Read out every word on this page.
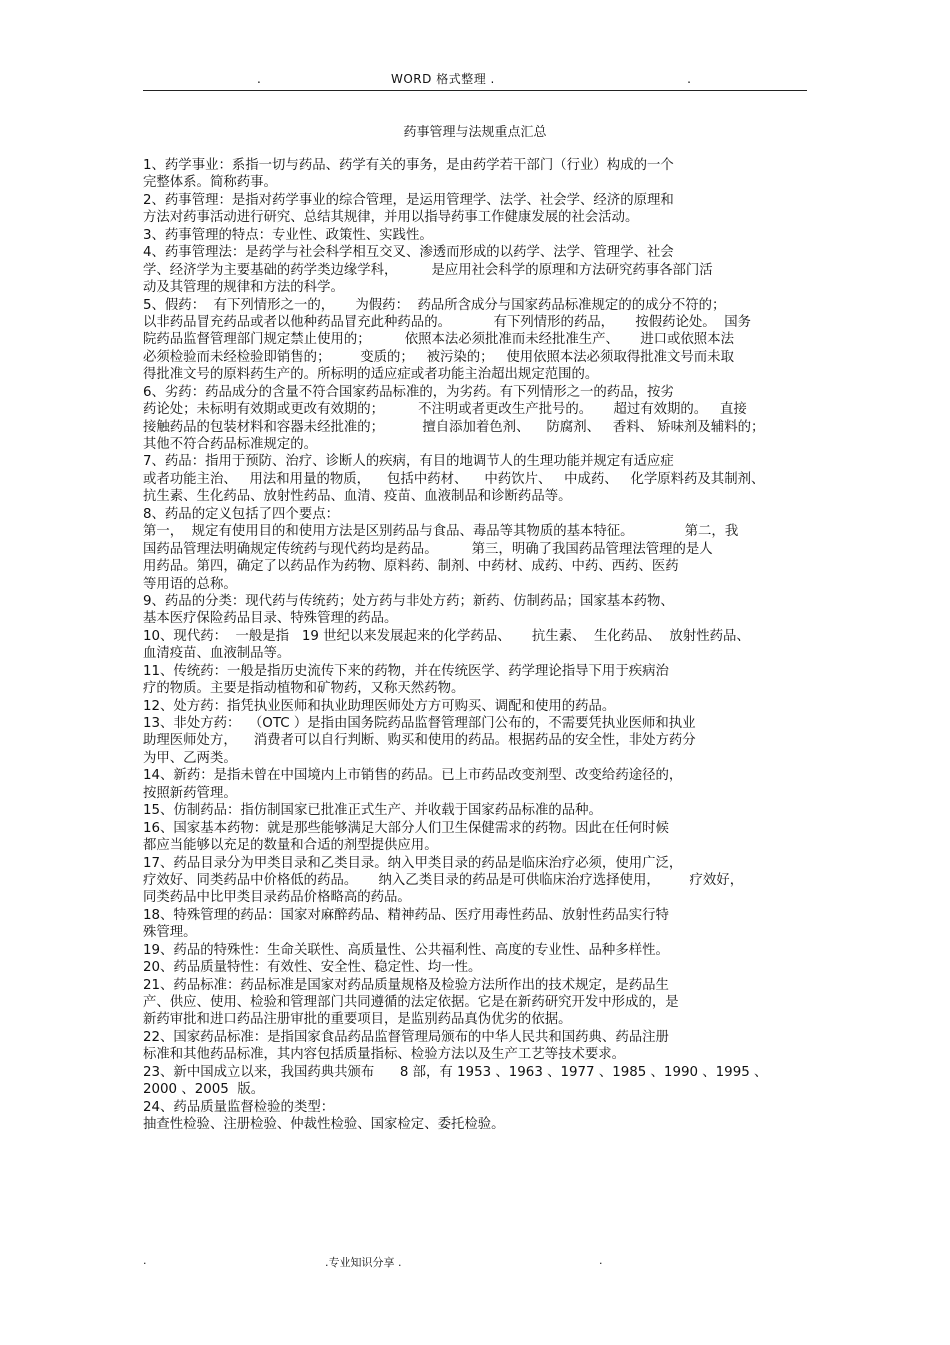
.	WORD 格式整理 .	.
药事管理与法规重点汇总
1、药学事业：系指一切与药品、药学有关的事务，是由药学若干部门（行业）构成的一个
完整体系。简称药事。
2、药事管理：是指对药学事业的综合管理，是运用管理学、法学、社会学、经济的原理和
方法对药事活动进行研究、总结其规律，并用以指导药事工作健康发展的社会活动。
3、药事管理的特点：专业性、政策性、实践性。
4、药事管理法：是药学与社会科学相互交叉、渗透而形成的以药学、法学、管理学、社会
学、经济学为主要基础的药学类边缘学科，        是应用社会科学的原理和方法研究药事各部门活
动及其管理的规律和方法的科学。
5、假药：  有下列情形之一的，     为假药：  药品所含成分与国家药品标准规定的的成分不符的；
以非药品冒充药品或者以他种药品冒充此种药品的。          有下列情形的药品，     按假药论处。  国务
院药品监督管理部门规定禁止使用的；        依照本法必须批准而未经批准生产、     进口或依照本法
必须检验而未经检验即销售的；       变质的；   被污染的；   使用依照本法必须取得批准文号而未取
得批准文号的原料药生产的。所标明的适应症或者功能主治超出规定范围的。
6、劣药：药品成分的含量不符合国家药品标准的，为劣药。有下列情形之一的药品，按劣
药论处；未标明有效期或更改有效期的；        不注明或者更改生产批号的。     超过有效期的。   直接
接触药品的包装材料和容器未经批准的；         擅自添加着色剂、    防腐剂、   香料、 矫味剂及辅料的；
其他不符合药品标准规定的。
7、药品：指用于预防、治疗、诊断人的疾病，有目的地调节人的生理功能并规定有适应症
或者功能主治、   用法和用量的物质，    包括中药材、    中药饮片、   中成药、   化学原料药及其制剂、
抗生素、生化药品、放射性药品、血清、疫苗、血液制品和诊断药品等。
8、药品的定义包括了四个要点：
第一，  规定有使用目的和使用方法是区别药品与食品、毒品等其物质的基本特征。            第二，我
国药品管理法明确规定传统药与现代药均是药品。        第三，明确了我国药品管理法管理的是人
用药品。第四，确定了以药品作为药物、原料药、制剂、中药材、成药、中药、西药、医药
等用语的总称。
9、药品的分类：现代药与传统药；处方药与非处方药；新药、仿制药品；国家基本药物、
基本医疗保险药品目录、特殊管理的药品。
10、现代药：  一般是指   19 世纪以来发展起来的化学药品、     抗生素、  生化药品、  放射性药品、
血清疫苗、血液制品等。
11、传统药：一般是指历史流传下来的药物，并在传统医学、药学理论指导下用于疾病治
疗的物质。主要是指动植物和矿物药，又称天然药物。
12、处方药：指凭执业医师和执业助理医师处方方可购买、调配和使用的药品。
13、非处方药：  （OTC ）是指由国务院药品监督管理部门公布的，不需要凭执业医师和执业
助理医师处方，    消费者可以自行判断、购买和使用的药品。根据药品的安全性，非处方药分
为甲、乙两类。
14、新药：是指未曾在中国境内上市销售的药品。已上市药品改变剂型、改变给药途径的，
按照新药管理。
15、仿制药品：指仿制国家已批准正式生产、并收载于国家药品标准的品种。
16、国家基本药物：就是那些能够满足大部分人们卫生保健需求的药物。因此在任何时候
都应当能够以充足的数量和合适的剂型提供应用。
17、药品目录分为甲类目录和乙类目录。纳入甲类目录的药品是临床治疗必须，使用广泛，
疗效好、同类药品中价格低的药品。     纳入乙类目录的药品是可供临床治疗选择使用，       疗效好，
同类药品中比甲类目录药品价格略高的药品。
18、特殊管理的药品：国家对麻醉药品、精神药品、医疗用毒性药品、放射性药品实行特
殊管理。
19、药品的特殊性：生命关联性、高质量性、公共福利性、高度的专业性、品种多样性。
20、药品质量特性：有效性、安全性、稳定性、均一性。
21、药品标准：药品标准是国家对药品质量规格及检验方法所作出的技术规定，是药品生
产、供应、使用、检验和管理部门共同遵循的法定依据。它是在新药研究开发中形成的，是
新药审批和进口药品注册审批的重要项目，是监别药品真伪优劣的依据。
22、国家药品标准：是指国家食品药品监督管理局颁布的中华人民共和国药典、药品注册
标准和其他药品标准，其内容包括质量指标、检验方法以及生产工艺等技术要求。
23、新中国成立以来，我国药典共颁布      8 部，有 1953 、1963 、1977 、1985 、1990 、1995 、
2000 、2005  版。
24、药品质量监督检验的类型：
抽查性检验、注册检验、仲裁性检验、国家检定、委托检验。
.	.专业知识分享 .	.
